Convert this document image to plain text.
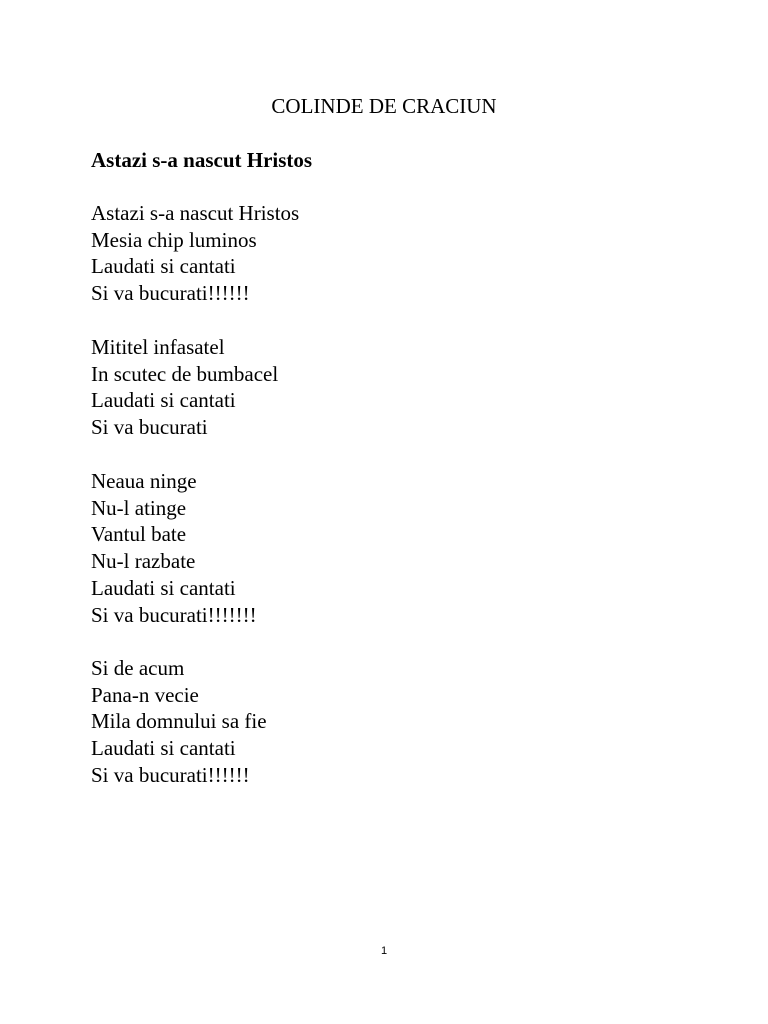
COLINDE DE CRACIUN
Astazi s-a nascut Hristos
Astazi s-a nascut Hristos
Mesia chip luminos
Laudati si cantati
Si va bucurati!!!!!!
Mititel infasatel
In scutec de bumbacel
Laudati si cantati
Si va bucurati
Neaua ninge
Nu-l atinge
Vantul bate
Nu-l razbate
Laudati si cantati
Si va bucurati!!!!!!!
Si de acum
Pana-n vecie
Mila domnului sa fie
Laudati si cantati
Si va bucurati!!!!!!
1
